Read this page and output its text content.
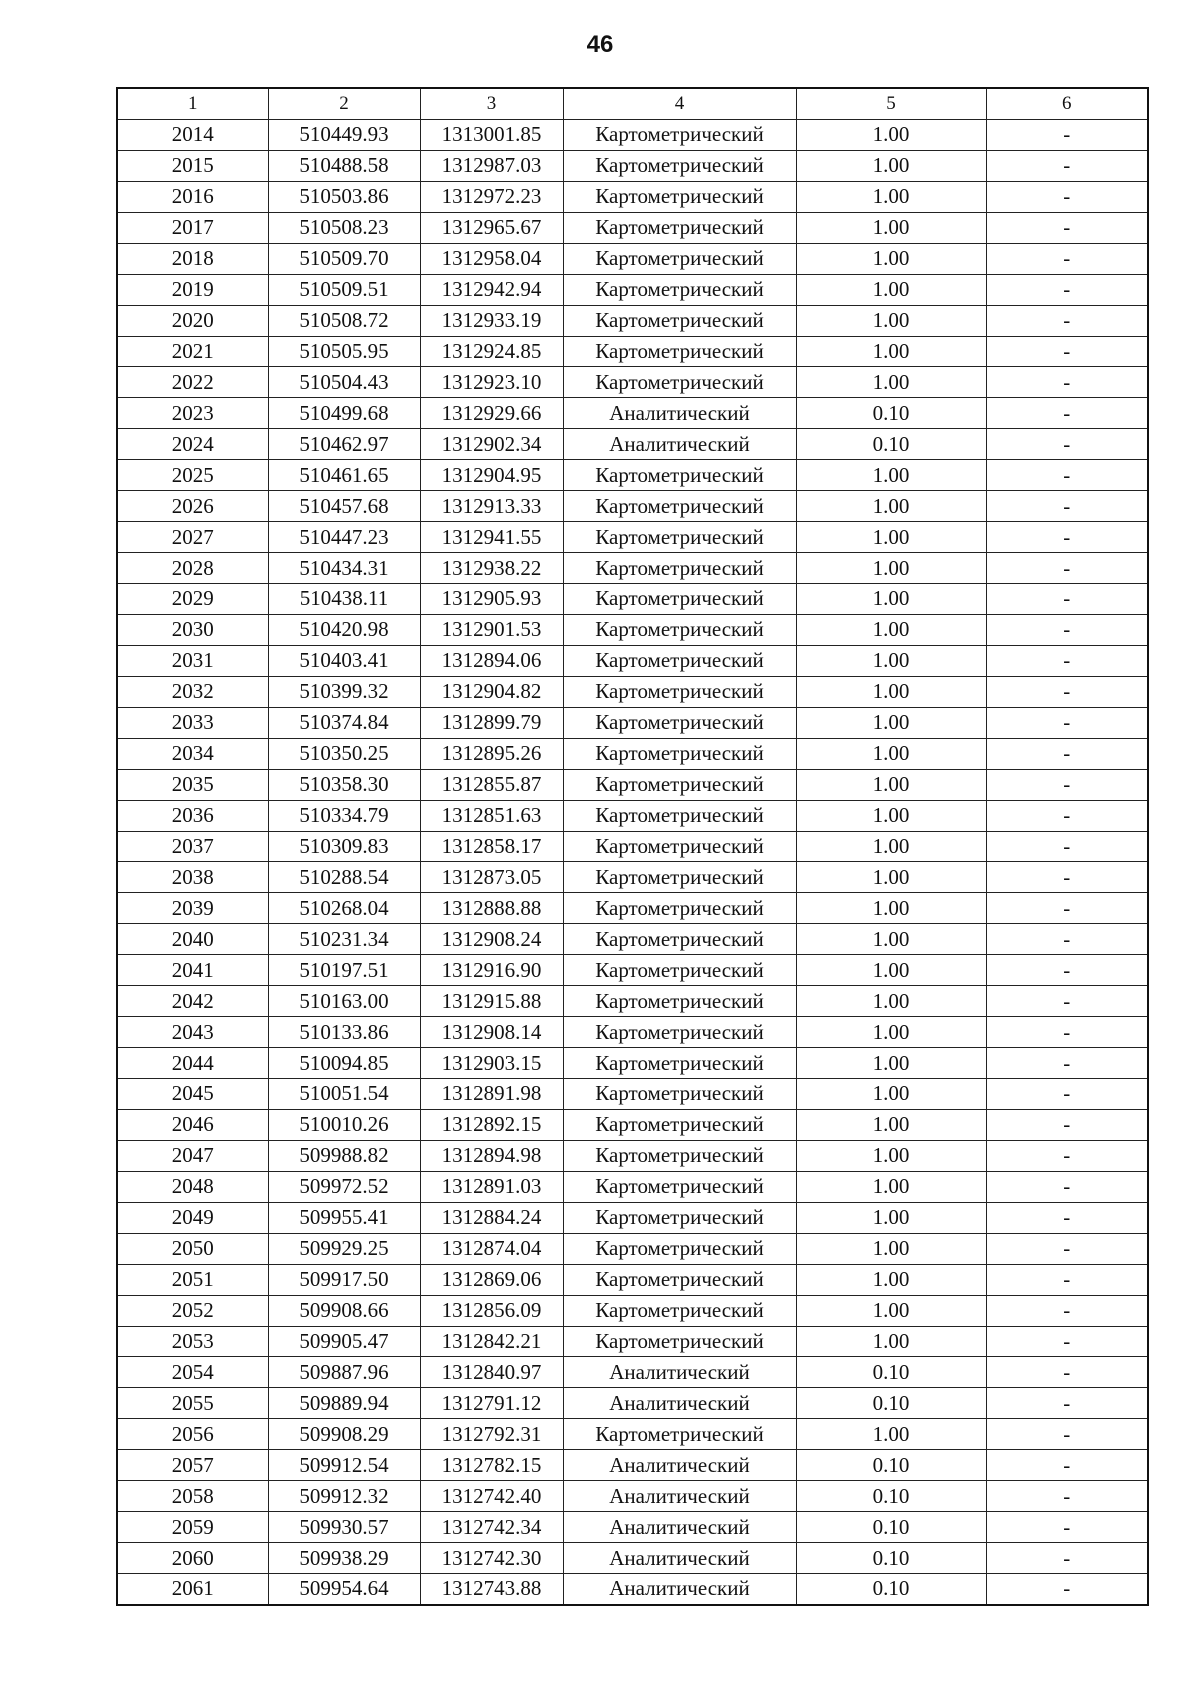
46
1	2	3	4	5	6
2014	510449.93	1313001.85	Картометрический	1.00	-
2015	510488.58	1312987.03	Картометрический	1.00	-
2016	510503.86	1312972.23	Картометрический	1.00	-
2017	510508.23	1312965.67	Картометрический	1.00	-
2018	510509.70	1312958.04	Картометрический	1.00	-
2019	510509.51	1312942.94	Картометрический	1.00	-
2020	510508.72	1312933.19	Картометрический	1.00	-
2021	510505.95	1312924.85	Картометрический	1.00	-
2022	510504.43	1312923.10	Картометрический	1.00	-
2023	510499.68	1312929.66	Аналитический	0.10	-
2024	510462.97	1312902.34	Аналитический	0.10	-
2025	510461.65	1312904.95	Картометрический	1.00	-
2026	510457.68	1312913.33	Картометрический	1.00	-
2027	510447.23	1312941.55	Картометрический	1.00	-
2028	510434.31	1312938.22	Картометрический	1.00	-
2029	510438.11	1312905.93	Картометрический	1.00	-
2030	510420.98	1312901.53	Картометрический	1.00	-
2031	510403.41	1312894.06	Картометрический	1.00	-
2032	510399.32	1312904.82	Картометрический	1.00	-
2033	510374.84	1312899.79	Картометрический	1.00	-
2034	510350.25	1312895.26	Картометрический	1.00	-
2035	510358.30	1312855.87	Картометрический	1.00	-
2036	510334.79	1312851.63	Картометрический	1.00	-
2037	510309.83	1312858.17	Картометрический	1.00	-
2038	510288.54	1312873.05	Картометрический	1.00	-
2039	510268.04	1312888.88	Картометрический	1.00	-
2040	510231.34	1312908.24	Картометрический	1.00	-
2041	510197.51	1312916.90	Картометрический	1.00	-
2042	510163.00	1312915.88	Картометрический	1.00	-
2043	510133.86	1312908.14	Картометрический	1.00	-
2044	510094.85	1312903.15	Картометрический	1.00	-
2045	510051.54	1312891.98	Картометрический	1.00	-
2046	510010.26	1312892.15	Картометрический	1.00	-
2047	509988.82	1312894.98	Картометрический	1.00	-
2048	509972.52	1312891.03	Картометрический	1.00	-
2049	509955.41	1312884.24	Картометрический	1.00	-
2050	509929.25	1312874.04	Картометрический	1.00	-
2051	509917.50	1312869.06	Картометрический	1.00	-
2052	509908.66	1312856.09	Картометрический	1.00	-
2053	509905.47	1312842.21	Картометрический	1.00	-
2054	509887.96	1312840.97	Аналитический	0.10	-
2055	509889.94	1312791.12	Аналитический	0.10	-
2056	509908.29	1312792.31	Картометрический	1.00	-
2057	509912.54	1312782.15	Аналитический	0.10	-
2058	509912.32	1312742.40	Аналитический	0.10	-
2059	509930.57	1312742.34	Аналитический	0.10	-
2060	509938.29	1312742.30	Аналитический	0.10	-
2061	509954.64	1312743.88	Аналитический	0.10	-
